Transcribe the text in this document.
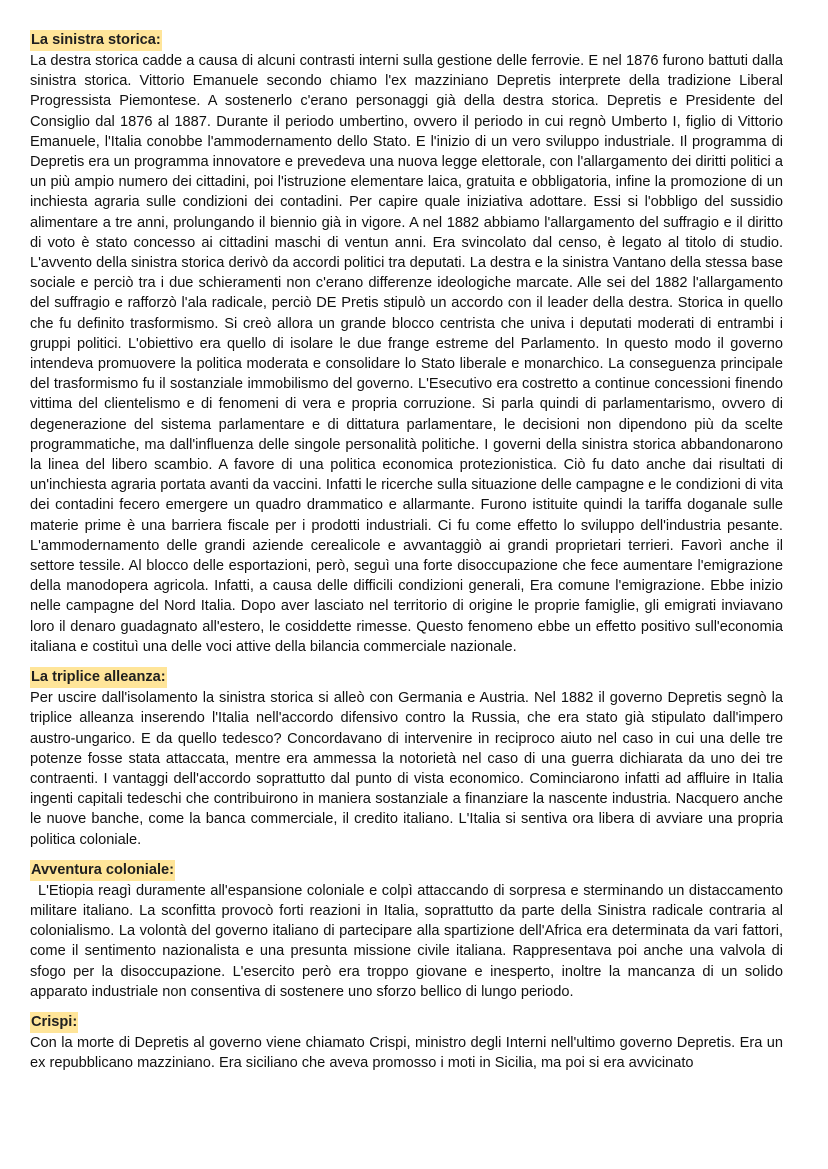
La sinistra storica:

La destra storica cadde a causa di alcuni contrasti interni sulla gestione delle ferrovie. E nel 1876 furono battuti dalla sinistra storica. Vittorio Emanuele secondo chiamo l'ex mazziniano Depretis interprete della tradizione Liberal Progressista Piemontese. A sostenerlo c'erano personaggi già della destra storica. Depretis e Presidente del Consiglio dal 1876 al 1887. Durante il periodo umbertino, ovvero il periodo in cui regnò Umberto I, figlio di Vittorio Emanuele, l'Italia conobbe l'ammodernamento dello Stato. E l'inizio di un vero sviluppo industriale. Il programma di Depretis era un programma innovatore e prevedeva una nuova legge elettorale, con l'allargamento dei diritti politici a un più ampio numero dei cittadini, poi l'istruzione elementare laica, gratuita e obbligatoria, infine la promozione di un inchiesta agraria sulle condizioni dei contadini. Per capire quale iniziativa adottare. Essi si l'obbligo del sussidio alimentare a tre anni, prolungando il biennio già in vigore. A nel 1882 abbiamo l'allargamento del suffragio e il diritto di voto è stato concesso ai cittadini maschi di ventun anni. Era svincolato dal censo, è legato al titolo di studio. L'avvento della sinistra storica derivò da accordi politici tra deputati. La destra e la sinistra Vantano della stessa base sociale e perciò tra i due schieramenti non c'erano differenze ideologiche marcate. Alle sei del 1882 l'allargamento del suffragio e rafforzò l'ala radicale, perciò DE Pretis stipulò un accordo con il leader della destra. Storica in quello che fu definito trasformismo. Si creò allora un grande blocco centrista che univa i deputati moderati di entrambi i gruppi politici. L'obiettivo era quello di isolare le due frange estreme del Parlamento. In questo modo il governo intendeva promuovere la politica moderata e consolidare lo Stato liberale e monarchico. La conseguenza principale del trasformismo fu il sostanziale immobilismo del governo. L'Esecutivo era costretto a continue concessioni finendo vittima del clientelismo e di fenomeni di vera e propria corruzione. Si parla quindi di parlamentarismo, ovvero di degenerazione del sistema parlamentare e di dittatura parlamentare, le decisioni non dipendono più da scelte programmatiche, ma dall'influenza delle singole personalità politiche. I governi della sinistra storica abbandonarono la linea del libero scambio. A favore di una politica economica protezionistica. Ciò fu dato anche dai risultati di un'inchiesta agraria portata avanti da vaccini. Infatti le ricerche sulla situazione delle campagne e le condizioni di vita dei contadini fecero emergere un quadro drammatico e allarmante. Furono istituite quindi la tariffa doganale sulle materie prime è una barriera fiscale per i prodotti industriali. Ci fu come effetto lo sviluppo dell'industria pesante. L'ammodernamento delle grandi aziende cerealicole e avvantaggiò ai grandi proprietari terrieri. Favorì anche il settore tessile. Al blocco delle esportazioni, però, seguì una forte disoccupazione che fece aumentare l'emigrazione della manodopera agricola. Infatti, a causa delle difficili condizioni generali, Era comune l'emigrazione. Ebbe inizio nelle campagne del Nord Italia. Dopo aver lasciato nel territorio di origine le proprie famiglie, gli emigrati inviavano loro il denaro guadagnato all'estero, le cosiddette rimesse. Questo fenomeno ebbe un effetto positivo sull'economia italiana e costituì una delle voci attive della bilancia commerciale nazionale.

La triplice alleanza:

Per uscire dall'isolamento la sinistra storica si alleò con Germania e Austria. Nel 1882 il governo Depretis segnò la triplice alleanza inserendo l'Italia nell'accordo difensivo contro la Russia, che era stato già stipulato dall'impero austro-ungarico. E da quello tedesco? Concordavano di intervenire in reciproco aiuto nel caso in cui una delle tre potenze fosse stata attaccata, mentre era ammessa la notorietà nel caso di una guerra dichiarata da uno dei tre contraenti. I vantaggi dell'accordo soprattutto dal punto di vista economico. Cominciarono infatti ad affluire in Italia ingenti capitali tedeschi che contribuirono in maniera sostanziale a finanziare la nascente industria. Nacquero anche le nuove banche, come la banca commerciale, il credito italiano. L'Italia si sentiva ora libera di avviare una propria politica coloniale.

Avventura coloniale:

L'Etiopia reagì duramente all'espansione coloniale e colpì attaccando di sorpresa e sterminando un distaccamento militare italiano. La sconfitta provocò forti reazioni in Italia, soprattutto da parte della Sinistra radicale contraria al colonialismo. La volontà del governo italiano di partecipare alla spartizione dell'Africa era determinata da vari fattori, come il sentimento nazionalista e una presunta missione civile italiana. Rappresentava poi anche una valvola di sfogo per la disoccupazione. L'esercito però era troppo giovane e inesperto, inoltre la mancanza di un solido apparato industriale non consentiva di sostenere uno sforzo bellico di lungo periodo.

Crispi:

Con la morte di Depretis al governo viene chiamato Crispi, ministro degli Interni nell'ultimo governo Depretis. Era un ex repubblicano mazziniano. Era siciliano che aveva promosso i moti in Sicilia, ma poi si era avvicinato
